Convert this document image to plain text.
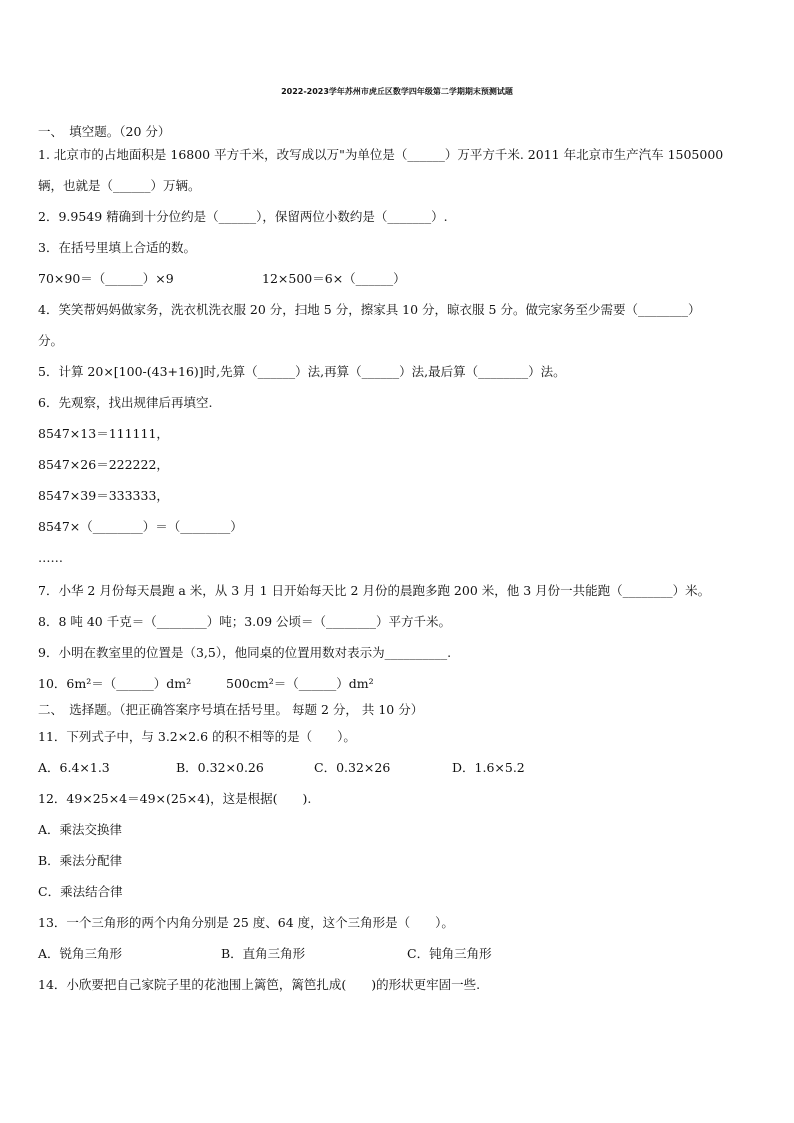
2022-2023学年苏州市虎丘区数学四年级第二学期期末预测试题
一、　填空题。（20 分）
1. 北京市的占地面积是 16800 平方千米，改写成以万"为单位是（______）万平方千米. 2011 年北京市生产汽车 1505000
辆，也就是（______）万辆。
2．9.9549 精确到十分位约是（______），保留两位小数约是（_______）.
3．在括号里填上合适的数。
70×90＝（______）×9	12×500＝6×（______）
4．笑笑帮妈妈做家务，洗衣机洗衣服 20 分，扫地 5 分，擦家具 10 分，晾衣服 5 分。做完家务至少需要（________）
分。
5．计算 20×[100-(43+16)]时,先算（______）法,再算（______）法,最后算（________）法。
6．先观察，找出规律后再填空.
8547×13＝111111，
8547×26＝222222，
8547×39＝333333，
8547×（________）＝（________）
……
7．小华 2 月份每天晨跑 a 米，从 3 月 1 日开始每天比 2 月份的晨跑多跑 200 米，他 3 月份一共能跑（________）米。
8．8 吨 40 千克＝（________）吨；3.09 公顷＝（________）平方千米。
9．小明在教室里的位置是（3,5），他同桌的位置用数对表示为__________.
10．6m²＝（______）dm²	500cm²＝（______）dm²
二、　选择题。（把正确答案序号填在括号里。 每题 2 分， 共 10 分）
11．下列式子中，与 3.2×2.6 的积不相等的是（　　）。
A．6.4×1.3	B．0.32×0.26	C．0.32×26	D．1.6×5.2
12．49×25×4＝49×(25×4)，这是根据(　　).
A．乘法交换律
B．乘法分配律
C．乘法结合律
13．一个三角形的两个内角分别是 25 度、64 度，这个三角形是（　　）。
A．锐角三角形	B．直角三角形	C．钝角三角形
14．小欣要把自己家院子里的花池围上篱笆，篱笆扎成(　　)的形状更牢固一些.
